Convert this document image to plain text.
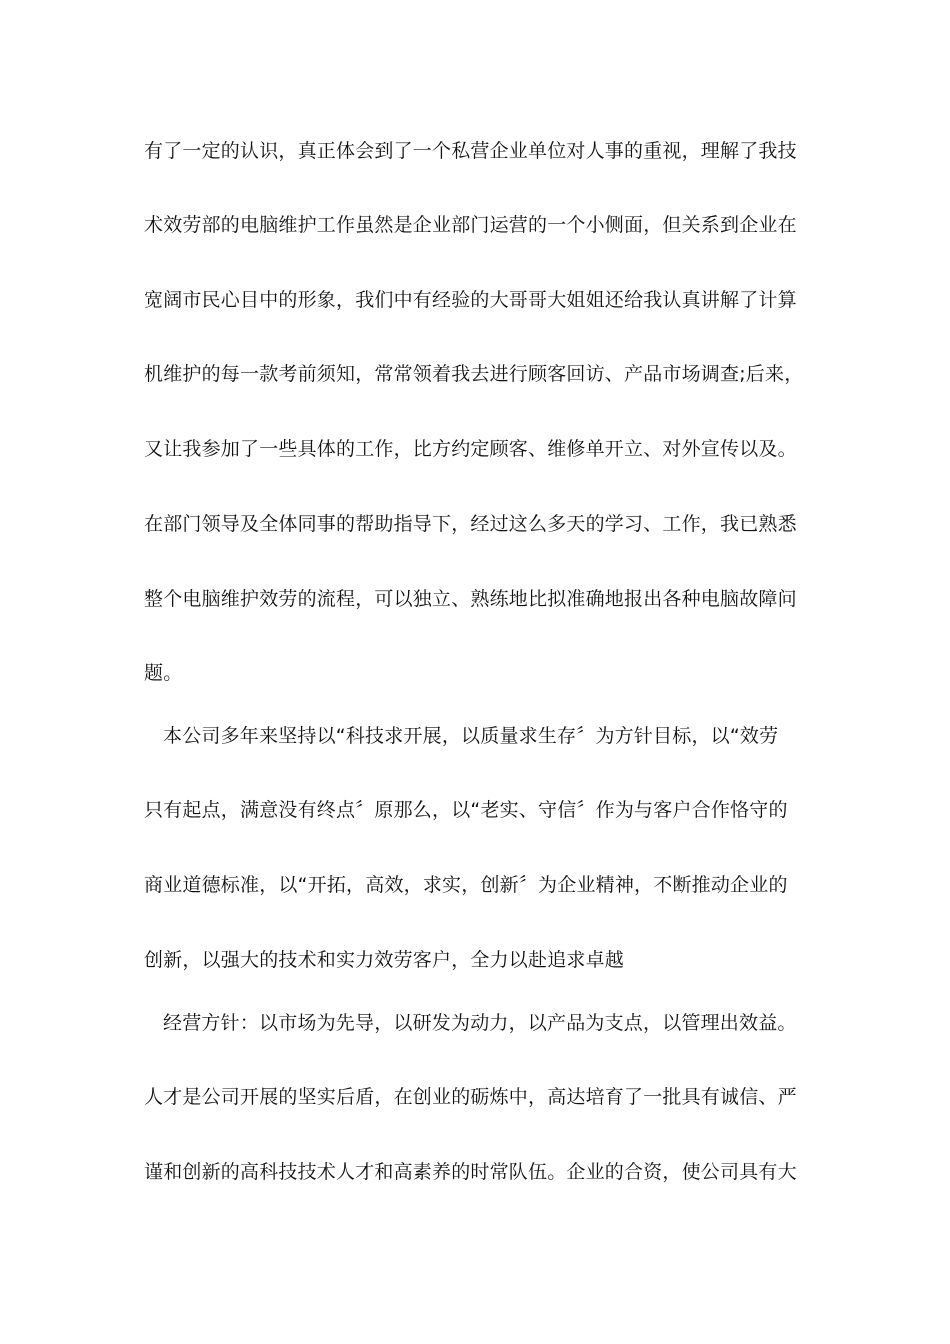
有了一定的认识，真正体会到了一个私营企业单位对人事的重视，理解了我技
术效劳部的电脑维护工作虽然是企业部门运营的一个小侧面，但关系到企业在
宽阔市民心目中的形象，我们中有经验的大哥哥大姐姐还给我认真讲解了计算
机维护的每一款考前须知，常常领着我去进行顾客回访、产品市场调查;后来，
又让我参加了一些具体的工作，比方约定顾客、维修单开立、对外宣传以及。
在部门领导及全体同事的帮助指导下，经过这么多天的学习、工作，我已熟悉
整个电脑维护效劳的流程，可以独立、熟练地比拟准确地报出各种电脑故障问
题。
本公司多年来坚持以“科技求开展，以质量求生存〞为方针目标，以“效劳
只有起点，满意没有终点〞原那么，以“老实、守信〞作为与客户合作恪守的
商业道德标准，以“开拓，高效，求实，创新〞为企业精神，不断推动企业的
创新，以强大的技术和实力效劳客户，全力以赴追求卓越
经营方针：以市场为先导，以研发为动力，以产品为支点，以管理出效益。
人才是公司开展的坚实后盾，在创业的砺炼中，高达培育了一批具有诚信、严
谨和创新的高科技技术人才和高素养的时常队伍。企业的合资，使公司具有大
